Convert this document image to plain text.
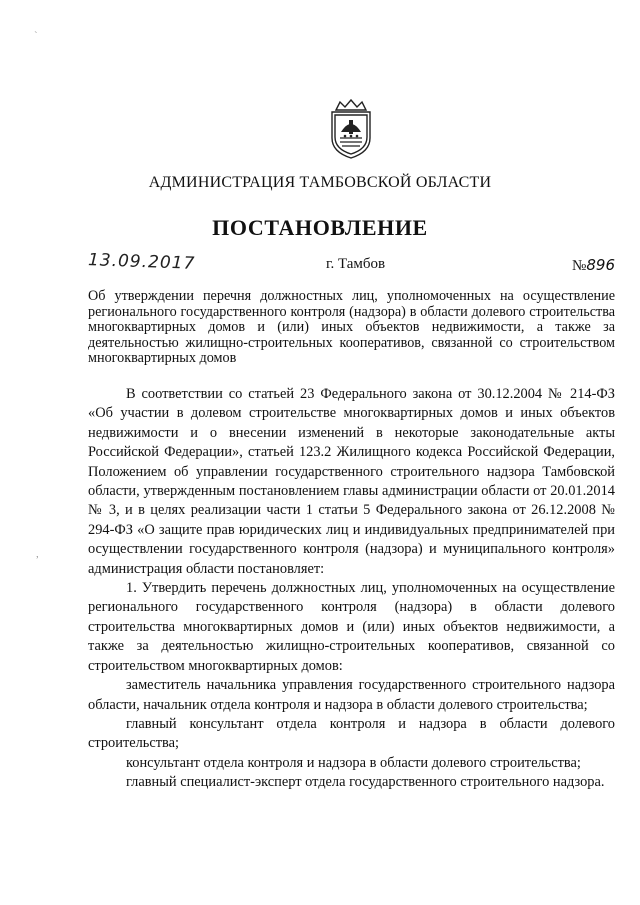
АДМИНИСТРАЦИЯ ТАМБОВСКОЙ ОБЛАСТИ
ПОСТАНОВЛЕНИЕ
13.09.2017	г. Тамбов	№896
Об утверждении перечня должностных лиц, уполномоченных на осуществление регионального государственного контроля (надзора) в области долевого строительства многоквартирных домов и (или) иных объектов недвижимости, а также за деятельностью жилищно-строительных кооперативов, связанной со строительством многоквартирных домов

В соответствии со статьей 23 Федерального закона от 30.12.2004 № 214-ФЗ «Об участии в долевом строительстве многоквартирных домов и иных объектов недвижимости и о внесении изменений в некоторые законодательные акты Российской Федерации», статьей 123.2 Жилищного кодекса Российской Федерации, Положением об управлении государственного строительного надзора Тамбовской области, утвержденным постановлением главы администрации области от 20.01.2014 № 3, и в целях реализации части 1 статьи 5 Федерального закона от 26.12.2008 № 294-ФЗ «О защите прав юридических лиц и индивидуальных предпринимателей при осуществлении государственного контроля (надзора) и муниципального контроля» администрация области постановляет:

1. Утвердить перечень должностных лиц, уполномоченных на осуществление регионального государственного контроля (надзора) в области долевого строительства многоквартирных домов и (или) иных объектов недвижимости, а также за деятельностью жилищно-строительных кооперативов, связанной со строительством многоквартирных домов:

заместитель начальника управления государственного строительного надзора области, начальник отдела контроля и надзора в области долевого строительства;

главный консультант отдела контроля и надзора в области долевого строительства;

консультант отдела контроля и надзора в области долевого строительства;

главный специалист-эксперт отдела государственного строительного надзора.

`
,
